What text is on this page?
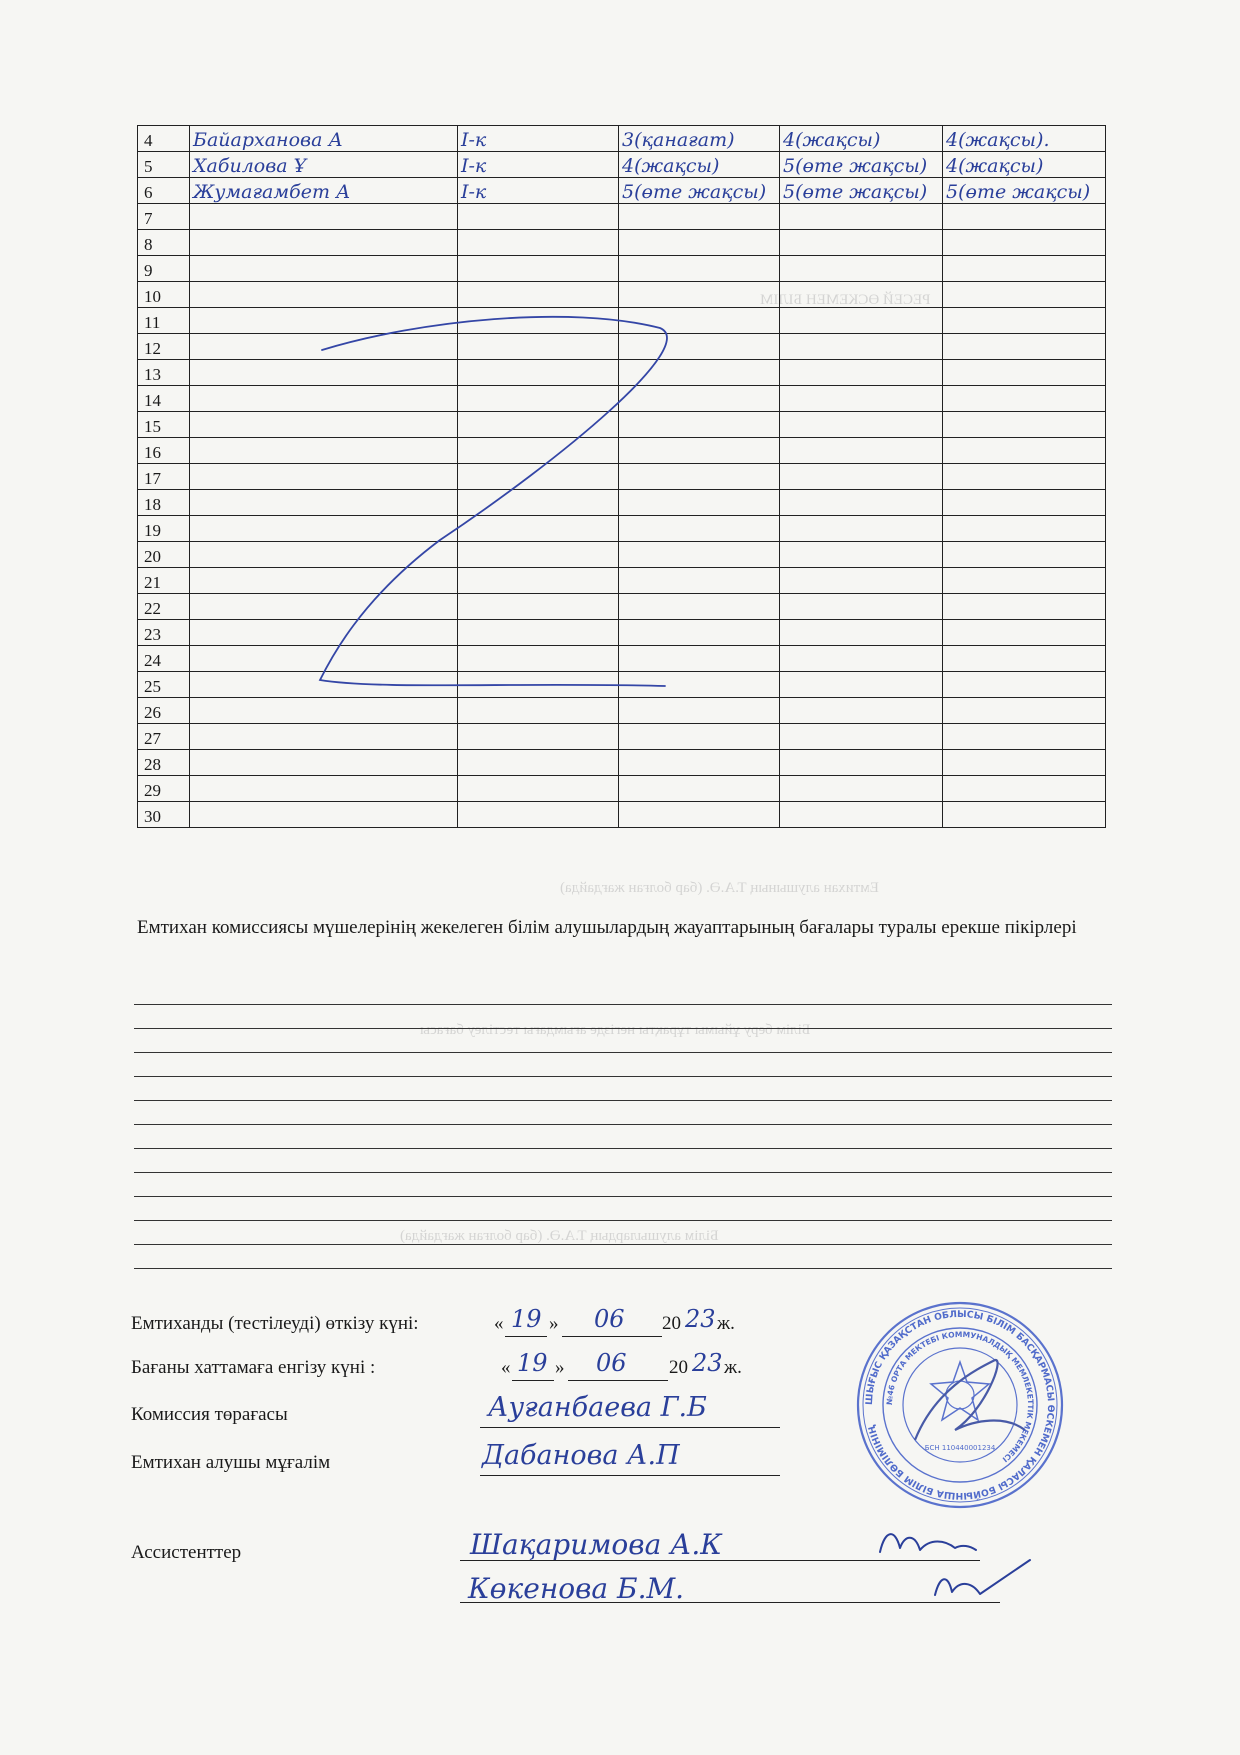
РЕСЕЙ ӨСКЕМЕН БІЛІМ
Емтихан алушының Т.А.Ә. (бар болған жағдайда)
Білім беру ұйымы тұрақты негізде ағымдағы тестілеу бағасы
Білім алушылардың Т.А.Ә. (бар болған жағдайда)
4	Байарханова А	I-к	3(қанағат)	4(жақсы)	4(жақсы).
5	Хабилова Ұ	I-к	4(жақсы)	5(өте жақсы)	4(жақсы)
6	Жумағамбет А	I-к	5(өте жақсы)	5(өте жақсы)	5(өте жақсы)
7					
8					
9					
10					
11					
12					
13					
14					
15					
16					
17					
18					
19					
20					
21					
22					
23					
24					
25					
26					
27					
28					
29					
30					
Емтихан комиссиясы мүшелерінің жекелеген білім алушылардың жауаптарының бағалары туралы ерекше пікірлері
Емтиханды (тестілеуді) өткізу күні:	« 19 » 06 20 23 ж.
Бағаны хаттамаға енгізу күні :	« 19 » 06 20 23 ж.
Комиссия төрағасы	Ауғанбаева Г.Б
Емтихан алушы мұғалім	Дабанова А.П
Ассистенттер	Шақаримова А.К
Көкенова Б.М.
ШЫҒЫС ҚАЗАҚСТАН ОБЛЫСЫ БІЛІМ БАСҚАРМАСЫ ӨСКЕМЕН ҚАЛАСЫ БОЙЫНША БІЛІМ БӨЛІМІНІҢ
№46 ОРТА МЕКТЕБІ КОММУНАЛДЫҚ МЕМЛЕКЕТТІК МЕКЕМЕСІ
БСН 110440001234
